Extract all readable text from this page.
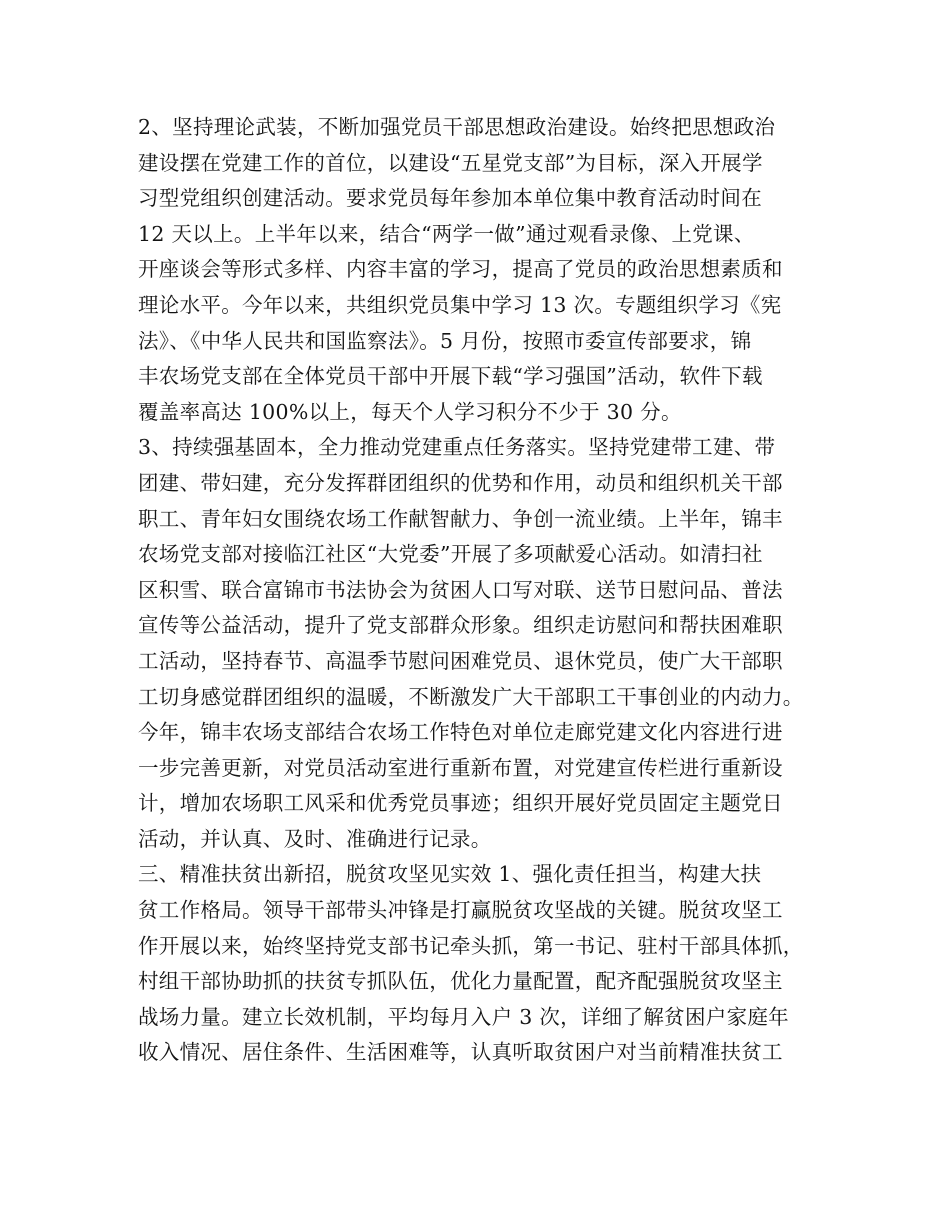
2、坚持理论武装，不断加强党员干部思想政治建设。始终把思想政治
建设摆在党建工作的首位，以建设“五星党支部”为目标，深入开展学
习型党组织创建活动。要求党员每年参加本单位集中教育活动时间在
12 天以上。上半年以来，结合“两学一做”通过观看录像、上党课、
开座谈会等形式多样、内容丰富的学习，提高了党员的政治思想素质和
理论水平。今年以来，共组织党员集中学习 13 次。专题组织学习《宪
法》、《中华人民共和国监察法》。5 月份，按照市委宣传部要求，锦
丰农场党支部在全体党员干部中开展下载“学习强国”活动，软件下载
覆盖率高达 100%以上，每天个人学习积分不少于 30 分。
3、持续强基固本，全力推动党建重点任务落实。坚持党建带工建、带
团建、带妇建，充分发挥群团组织的优势和作用，动员和组织机关干部
职工、青年妇女围绕农场工作献智献力、争创一流业绩。上半年，锦丰
农场党支部对接临江社区“大党委”开展了多项献爱心活动。如清扫社
区积雪、联合富锦市书法协会为贫困人口写对联、送节日慰问品、普法
宣传等公益活动，提升了党支部群众形象。组织走访慰问和帮扶困难职
工活动，坚持春节、高温季节慰问困难党员、退休党员，使广大干部职
工切身感觉群团组织的温暖，不断激发广大干部职工干事创业的内动力。
今年，锦丰农场支部结合农场工作特色对单位走廊党建文化内容进行进
一步完善更新，对党员活动室进行重新布置，对党建宣传栏进行重新设
计，增加农场职工风采和优秀党员事迹；组织开展好党员固定主题党日
活动，并认真、及时、准确进行记录。
三、精准扶贫出新招，脱贫攻坚见实效 1、强化责任担当，构建大扶
贫工作格局。领导干部带头冲锋是打赢脱贫攻坚战的关键。脱贫攻坚工
作开展以来，始终坚持党支部书记牵头抓，第一书记、驻村干部具体抓，
村组干部协助抓的扶贫专抓队伍，优化力量配置，配齐配强脱贫攻坚主
战场力量。建立长效机制，平均每月入户 3 次，详细了解贫困户家庭年
收入情况、居住条件、生活困难等，认真听取贫困户对当前精准扶贫工
